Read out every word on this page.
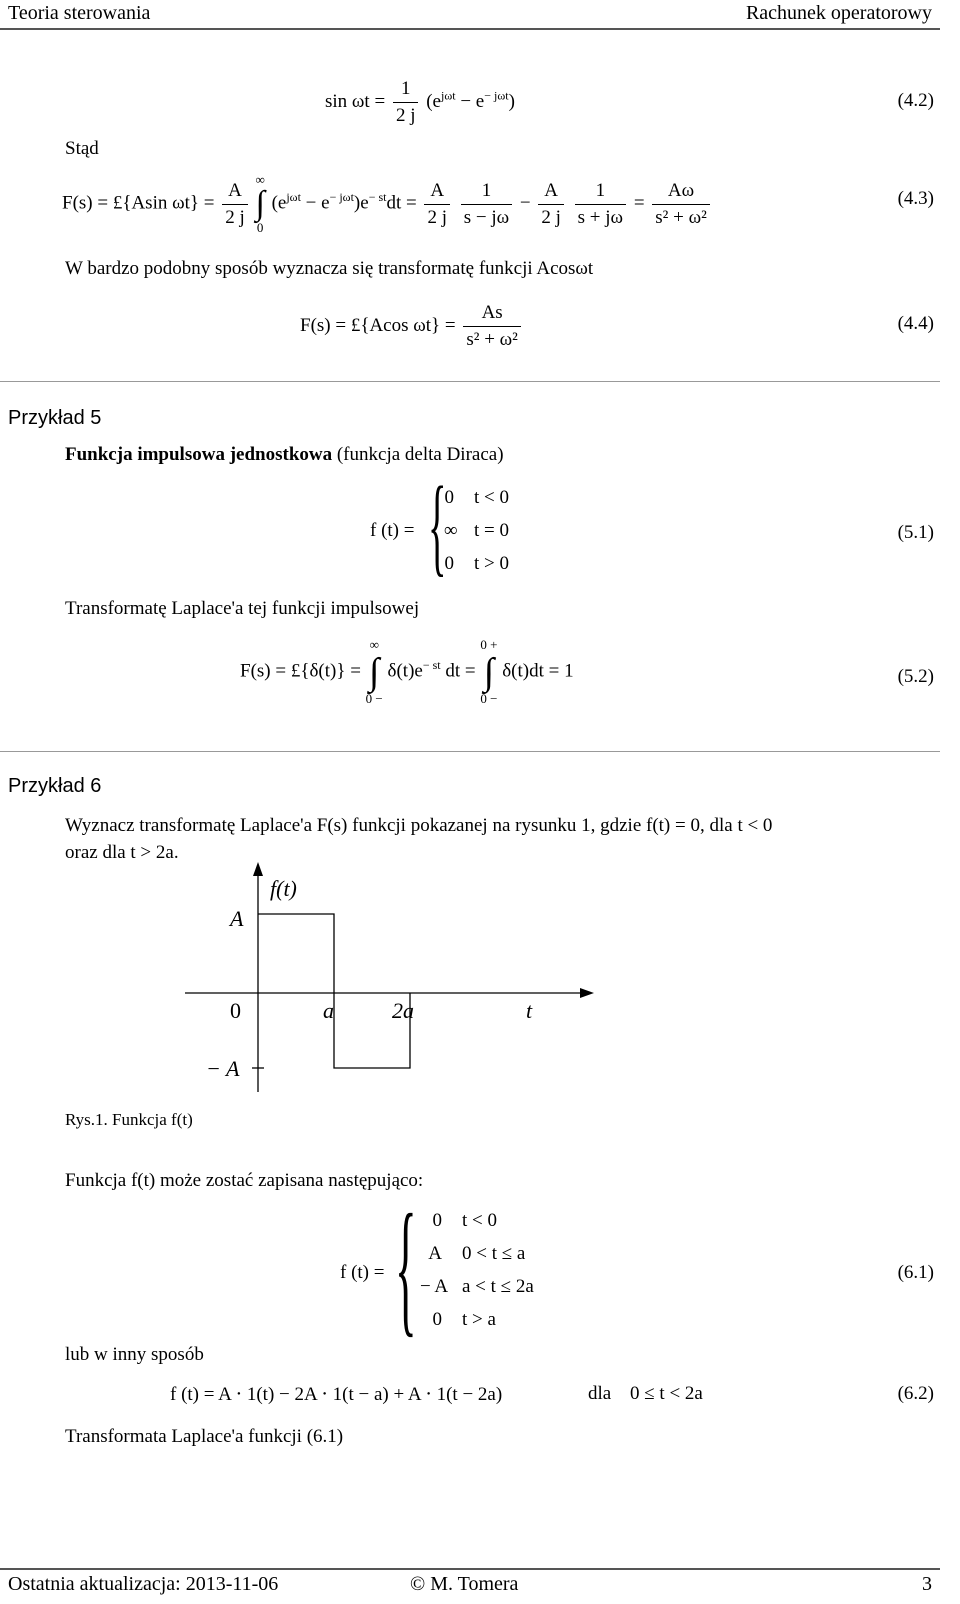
Teoria sterowania	Rachunek operatorowy
$\sin \omega t = \frac{1}{2 j} (e^{j\omega t} - e^{- j\omega t})$	(4.2)
Stąd
F(s) = £{Asin $\omega t\} = \frac{A}{2 j}$
∞
∫
0
$(e^{j\omega t} - e^{- j\omega t})e^{- st}dt = \frac{A}{2 j}$
$\frac{1}{s - j\omega} - \frac{A}{2 j}$
$\frac{1}{s + j\omega} = \frac{A\omega}{\text{s² + ω²}}$	(4.3)
W bardzo podobny sposób wyznacza się transformatę funkcji Acosωt
F(s) = £{Acos $\omega t\} = \frac{As}{\text{s² + ω²}}$	(4.4)
Przykład 5
Funkcja impulsowa jednostkowa (funkcja delta Diraca)
f (t) = {
0 t < 0
∞ t = 0
0 t > 0
(5.1)
Transformatę Laplace'a tej funkcji impulsowej
F(s) = £{δ(t)} =
∞
∫
0 −
$\delta(t)e^{- st}$ dt =
0 +
∫
0 −
δ(t)dt = 1	(5.2)
Przykład 6
Wyznacz transformatę Laplace'a F(s) funkcji pokazanej na rysunku 1, gdzie f(t) = 0, dla t < 0
oraz dla t > 2a.
f(t)
A
− A
0	a	2a	t
Rys.1. Funkcja f(t)
Funkcja f(t) może zostać zapisana następująco:
f (t) = { 0 t < 0
A 0 < t ≤ a
− A a < t ≤ 2a
0 t > a
(6.1)
lub w inny sposób
f (t) = A ⋅ 1(t) − 2A ⋅ 1(t − a) + A ⋅ 1(t − 2a)	dla 0 ≤ t < 2a	(6.2)
Transformata Laplace'a funkcji (6.1)
Ostatnia aktualizacja: 2013-11-06	© M. Tomera	3
